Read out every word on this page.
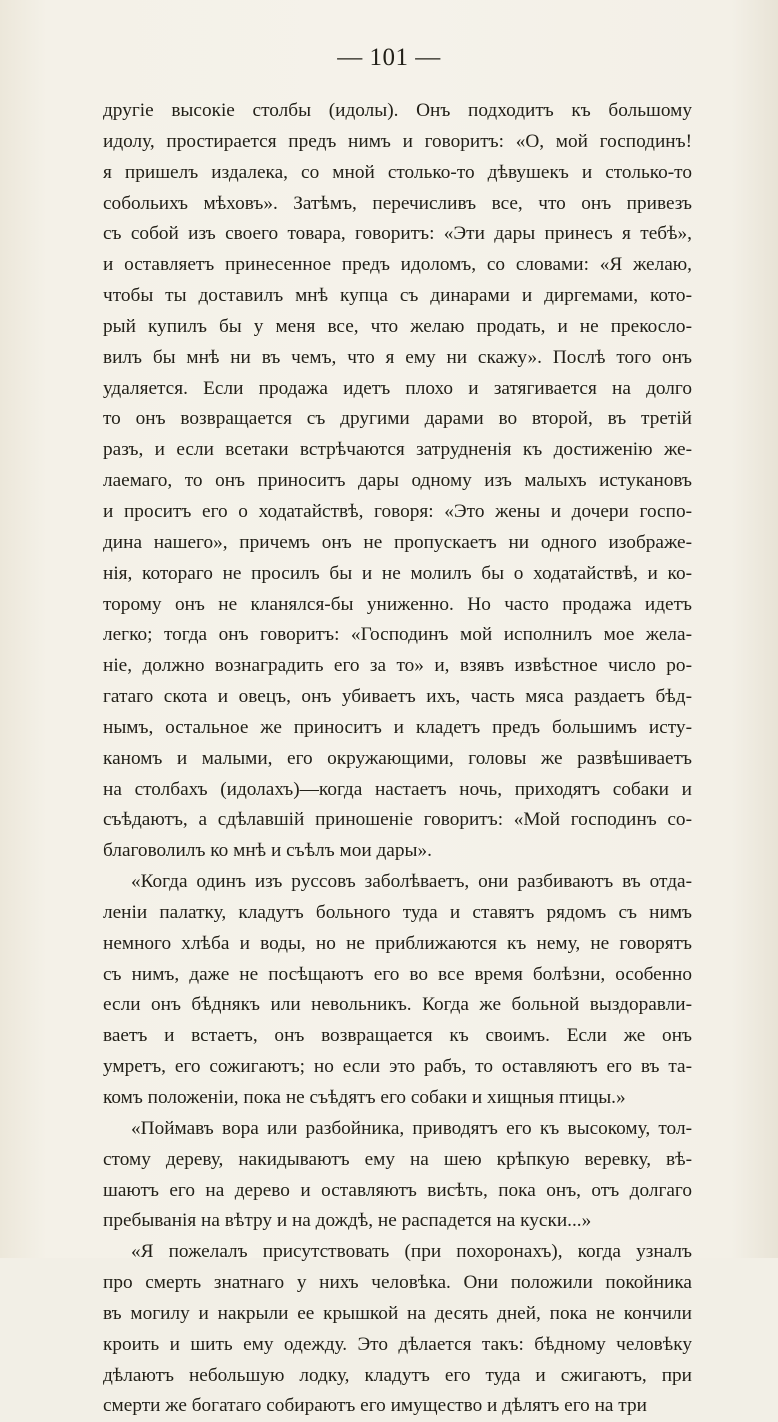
— 101 —

другіе высокіе столбы (идолы). Онъ подходитъ къ большому
идолу, простирается предъ нимъ и говоритъ: «О, мой господинъ!
я пришелъ издалека, со мной столько-то дѣвушекъ и столько-то
собольихъ мѣховъ». Затѣмъ, перечисливъ все, что онъ привезъ
съ собой изъ своего товара, говоритъ: «Эти дары принесъ я тебѣ»,
и оставляетъ принесенное предъ идоломъ, со словами: «Я желаю,
чтобы ты доставилъ мнѣ купца съ динарами и диргемами, кото-
рый купилъ бы у меня все, что желаю продать, и не прекосло-
вилъ бы мнѣ ни въ чемъ, что я ему ни скажу». Послѣ того онъ
удаляется. Если продажа идетъ плохо и затягивается на долго
то онъ возвращается съ другими дарами во второй, въ третій
разъ, и если всетаки встрѣчаются затрудненія къ достиженію же-
лаемаго, то онъ приноситъ дары одному изъ малыхъ истукановъ
и проситъ его о ходатайствѣ, говоря: «Это жены и дочери госпо-
дина нашего», причемъ онъ не пропускаетъ ни одного изображе-
нія, котораго не просилъ бы и не молилъ бы о ходатайствѣ, и ко-
торому онъ не кланялся-бы униженно. Но часто продажа идетъ
легко; тогда онъ говоритъ: «Господинъ мой исполнилъ мое жела-
ніе, должно вознаградить его за то» и, взявъ извѣстное число ро-
гатаго скота и овецъ, онъ убиваетъ ихъ, часть мяса раздаетъ бѣд-
нымъ, остальное же приноситъ и кладетъ предъ большимъ исту-
каномъ и малыми, его окружающими, головы же развѣшиваетъ
на столбахъ (идолахъ)—когда настаетъ ночь, приходятъ собаки и
съѣдаютъ, а сдѣлавшій приношеніе говоритъ: «Мой господинъ со-
благоволилъ ко мнѣ и съѣлъ мои дары».

«Когда одинъ изъ руссовъ заболѣваетъ, они разбиваютъ въ отда-
леніи палатку, кладутъ больного туда и ставятъ рядомъ съ нимъ
немного хлѣба и воды, но не приближаются къ нему, не говорятъ
съ нимъ, даже не посѣщаютъ его во все время болѣзни, особенно
если онъ бѣднякъ или невольникъ. Когда же больной выздоравли-
ваетъ и встаетъ, онъ возвращается къ своимъ. Если же онъ
умретъ, его сожигаютъ; но если это рабъ, то оставляютъ его въ та-
комъ положеніи, пока не съѣдятъ его собаки и хищныя птицы.»

«Поймавъ вора или разбойника, приводятъ его къ высокому, тол-
стому дереву, накидываютъ ему на шею крѣпкую веревку, вѣ-
шаютъ его на дерево и оставляютъ висѣть, пока онъ, отъ долгаго
пребыванія на вѣтру и на дождѣ, не распадется на куски...»

«Я пожелалъ присутствовать (при похоронахъ), когда узналъ
про смерть знатнаго у нихъ человѣка. Они положили покойника
въ могилу и накрыли ее крышкой на десять дней, пока не кончили
кроить и шить ему одежду. Это дѣлается такъ: бѣдному человѣку
дѣлаютъ небольшую лодку, кладутъ его туда и сжигаютъ, при
смерти же богатаго собираютъ его имущество и дѣлятъ его на три
